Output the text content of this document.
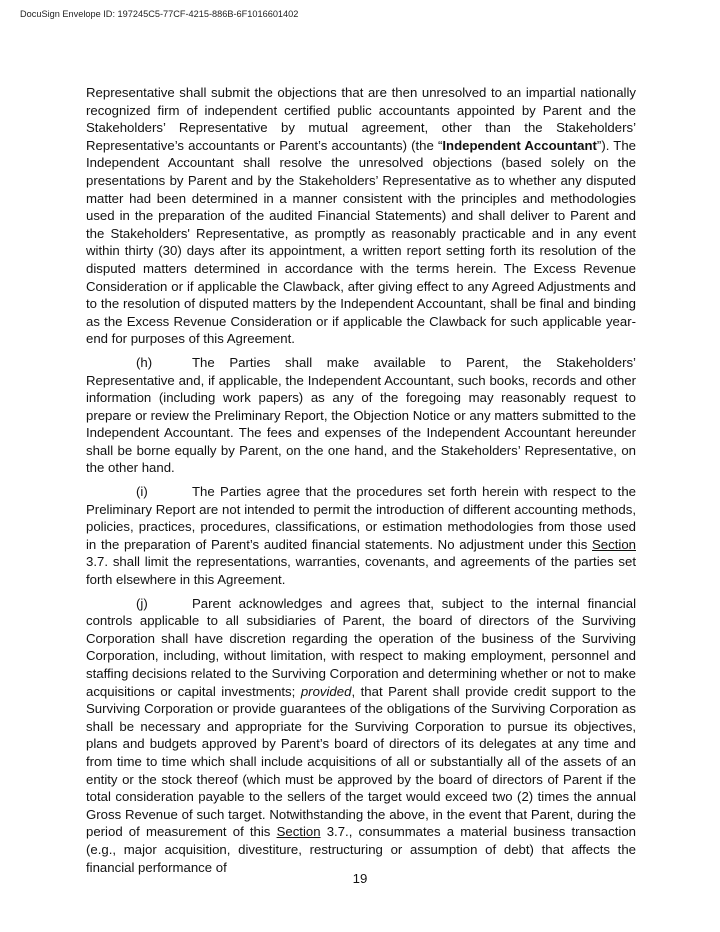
DocuSign Envelope ID: 197245C5-77CF-4215-886B-6F1016601402

Representative shall submit the objections that are then unresolved to an impartial nationally recognized firm of independent certified public accountants appointed by Parent and the Stakeholders’ Representative by mutual agreement, other than the Stakeholders’ Representative’s accountants or Parent’s accountants) (the “Independent Accountant”). The Independent Accountant shall resolve the unresolved objections (based solely on the presentations by Parent and by the Stakeholders’ Representative as to whether any disputed matter had been determined in a manner consistent with the principles and methodologies used in the preparation of the audited Financial Statements) and shall deliver to Parent and the Stakeholders' Representative, as promptly as reasonably practicable and in any event within thirty (30) days after its appointment, a written report setting forth its resolution of the disputed matters determined in accordance with the terms herein. The Excess Revenue Consideration or if applicable the Clawback, after giving effect to any Agreed Adjustments and to the resolution of disputed matters by the Independent Accountant, shall be final and binding as the Excess Revenue Consideration or if applicable the Clawback for such applicable year-end for purposes of this Agreement.

(h)	The Parties shall make available to Parent, the Stakeholders’ Representative and, if applicable, the Independent Accountant, such books, records and other information (including work papers) as any of the foregoing may reasonably request to prepare or review the Preliminary Report, the Objection Notice or any matters submitted to the Independent Accountant. The fees and expenses of the Independent Accountant hereunder shall be borne equally by Parent, on the one hand, and the Stakeholders’ Representative, on the other hand.

(i)	The Parties agree that the procedures set forth herein with respect to the Preliminary Report are not intended to permit the introduction of different accounting methods, policies, practices, procedures, classifications, or estimation methodologies from those used in the preparation of Parent’s audited financial statements. No adjustment under this Section 3.7. shall limit the representations, warranties, covenants, and agreements of the parties set forth elsewhere in this Agreement.

(j)	Parent acknowledges and agrees that, subject to the internal financial controls applicable to all subsidiaries of Parent, the board of directors of the Surviving Corporation shall have discretion regarding the operation of the business of the Surviving Corporation, including, without limitation, with respect to making employment, personnel and staffing decisions related to the Surviving Corporation and determining whether or not to make acquisitions or capital investments; provided, that Parent shall provide credit support to the Surviving Corporation or provide guarantees of the obligations of the Surviving Corporation as shall be necessary and appropriate for the Surviving Corporation to pursue its objectives, plans and budgets approved by Parent’s board of directors of its delegates at any time and from time to time which shall include acquisitions of all or substantially all of the assets of an entity or the stock thereof (which must be approved by the board of directors of Parent if the total consideration payable to the sellers of the target would exceed two (2) times the annual Gross Revenue of such target. Notwithstanding the above, in the event that Parent, during the period of measurement of this Section 3.7., consummates a material business transaction (e.g., major acquisition, divestiture, restructuring or assumption of debt) that affects the financial performance of

19
